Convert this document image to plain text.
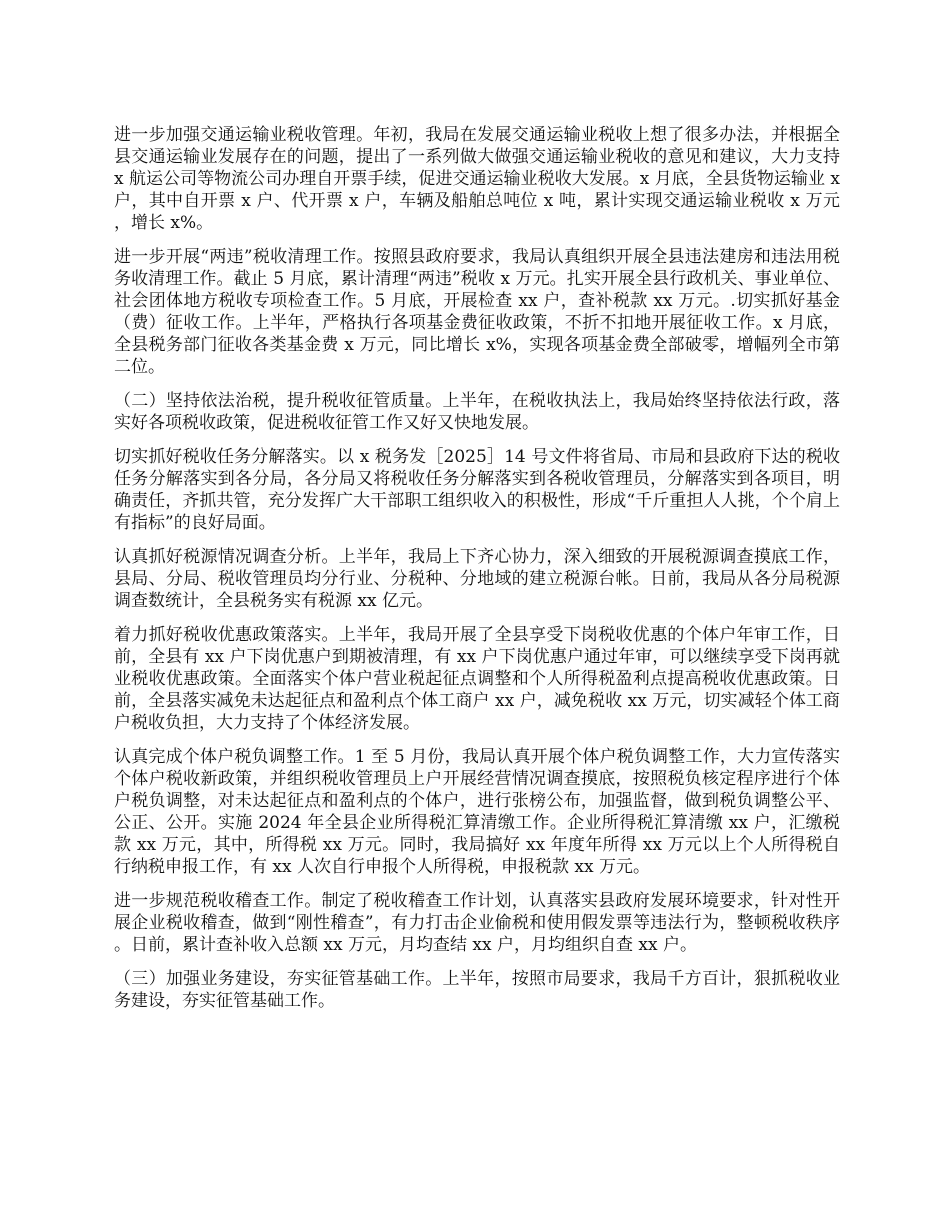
进一步加强交通运输业税收管理。年初，我局在发展交通运输业税收上想了很多办法，并根据全县交通运输业发展存在的问题，提出了一系列做大做强交通运输业税收的意见和建议，大力支持 x 航运公司等物流公司办理自开票手续，促进交通运输业税收大发展。x 月底，全县货物运输业 x 户，其中自开票 x 户、代开票 x 户，车辆及船舶总吨位 x 吨，累计实现交通运输业税收 x 万元，增长 x%。

进一步开展“两违”税收清理工作。按照县政府要求，我局认真组织开展全县违法建房和违法用税务收清理工作。截止 5 月底，累计清理“两违”税收 x 万元。扎实开展全县行政机关、事业单位、社会团体地方税收专项检查工作。5 月底，开展检查 xx 户，查补税款 xx 万元。.切实抓好基金（费）征收工作。上半年，严格执行各项基金费征收政策，不折不扣地开展征收工作。x 月底，全县税务部门征收各类基金费 x 万元，同比增长 x%，实现各项基金费全部破零，增幅列全市第二位。

（二）坚持依法治税，提升税收征管质量。上半年，在税收执法上，我局始终坚持依法行政，落实好各项税收政策，促进税收征管工作又好又快地发展。

切实抓好税收任务分解落实。以 x 税务发［2025］14 号文件将省局、市局和县政府下达的税收任务分解落实到各分局，各分局又将税收任务分解落实到各税收管理员，分解落实到各项目，明确责任，齐抓共管，充分发挥广大干部职工组织收入的积极性，形成“千斤重担人人挑，个个肩上有指标”的良好局面。

认真抓好税源情况调查分析。上半年，我局上下齐心协力，深入细致的开展税源调查摸底工作，县局、分局、税收管理员均分行业、分税种、分地域的建立税源台帐。日前，我局从各分局税源调查数统计，全县税务实有税源 xx 亿元。

着力抓好税收优惠政策落实。上半年，我局开展了全县享受下岗税收优惠的个体户年审工作，日前，全县有 xx 户下岗优惠户到期被清理，有 xx 户下岗优惠户通过年审，可以继续享受下岗再就业税收优惠政策。全面落实个体户营业税起征点调整和个人所得税盈利点提高税收优惠政策。日前，全县落实减免未达起征点和盈利点个体工商户 xx 户，减免税收 xx 万元，切实减轻个体工商户税收负担，大力支持了个体经济发展。

认真完成个体户税负调整工作。1 至 5 月份，我局认真开展个体户税负调整工作，大力宣传落实个体户税收新政策，并组织税收管理员上户开展经营情况调查摸底，按照税负核定程序进行个体户税负调整，对未达起征点和盈利点的个体户，进行张榜公布，加强监督，做到税负调整公平、公正、公开。实施 2024 年全县企业所得税汇算清缴工作。企业所得税汇算清缴 xx 户，汇缴税款 xx 万元，其中，所得税 xx 万元。同时，我局搞好 xx 年度年所得 xx 万元以上个人所得税自行纳税申报工作，有 xx 人次自行申报个人所得税，申报税款 xx 万元。

进一步规范税收稽查工作。制定了税收稽查工作计划，认真落实县政府发展环境要求，针对性开展企业税收稽查，做到“刚性稽查”，有力打击企业偷税和使用假发票等违法行为，整顿税收秩序。日前，累计查补收入总额 xx 万元，月均查结 xx 户，月均组织自查 xx 户。

（三）加强业务建设，夯实征管基础工作。上半年，按照市局要求，我局千方百计，狠抓税收业务建设，夯实征管基础工作。
